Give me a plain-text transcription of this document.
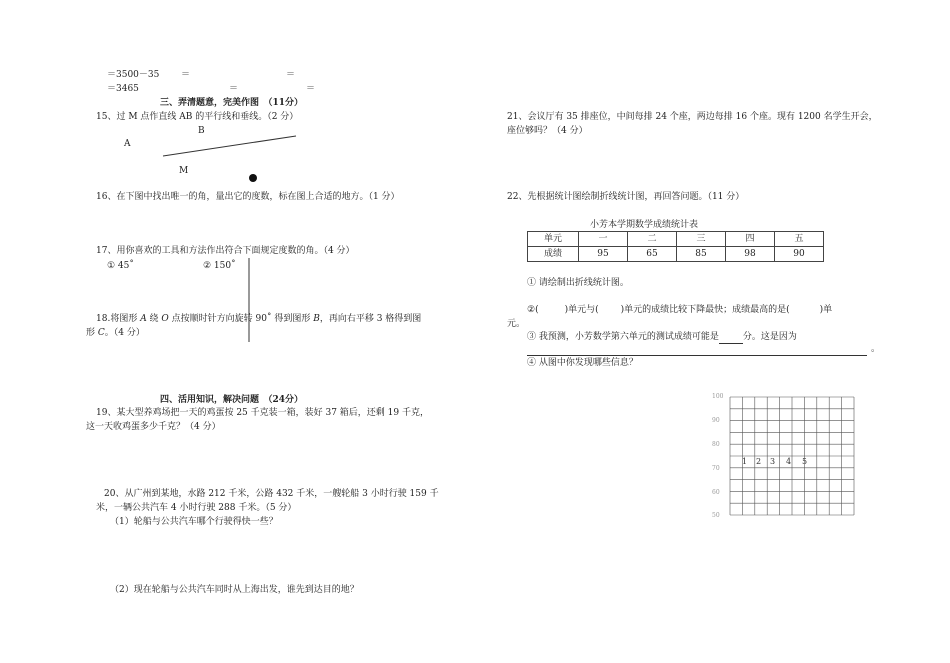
＝3500－35 ＝	＝
＝3465	＝	＝
三、弄清题意，完美作图　（11分）
15、过 M 点作直线 AB 的平行线和垂线。（2 分）
B
A
M
16、在下图中找出唯一的角，量出它的度数，标在图上合适的地方。（1 分）
17、用你喜欢的工具和方法作出符合下面规定度数的角。（4 分）
① 45˚	② 150˚
18.将图形 A 绕 O 点按顺时针方向旋转 90˚ 得到图形 B，再向右平移 3 格得到图
形 C。（4 分）
四、活用知识，解决问题　（24分）
19、某大型养鸡场把一天的鸡蛋按 25 千克装一箱，装好 37 箱后，还剩 19 千克，
这一天收鸡蛋多少千克？（4 分）
20、从广州到某地，水路 212 千米，公路 432 千米，一艘轮船 3 小时行驶 159 千
米，一辆公共汽车 4 小时行驶 288 千米。（5 分）
（1）轮船与公共汽车哪个行驶得快一些？
（2）现在轮船与公共汽车同时从上海出发，谁先到达目的地？
21、会议厅有 35 排座位，中间每排 24 个座，两边每排 16 个座。现有 1200 名学生开会，
座位够吗？（4 分）
22、先根据统计图绘制折线统计图，再回答问题。（11 分）
小芳本学期数学成绩统计表
单元	一	二	三	四	五
成绩	95	65	85	98	90
① 请绘制出折线统计图。
②(	)单元与( )单元的成绩比较下降最快；成绩最高的是(	)单
元。
③ 我预测，小芳数学第六单元的测试成绩可能是	分。这是因为
。
④ 从图中你发现哪些信息？
100
90
80
70
60
50
1 2 3 4 5
